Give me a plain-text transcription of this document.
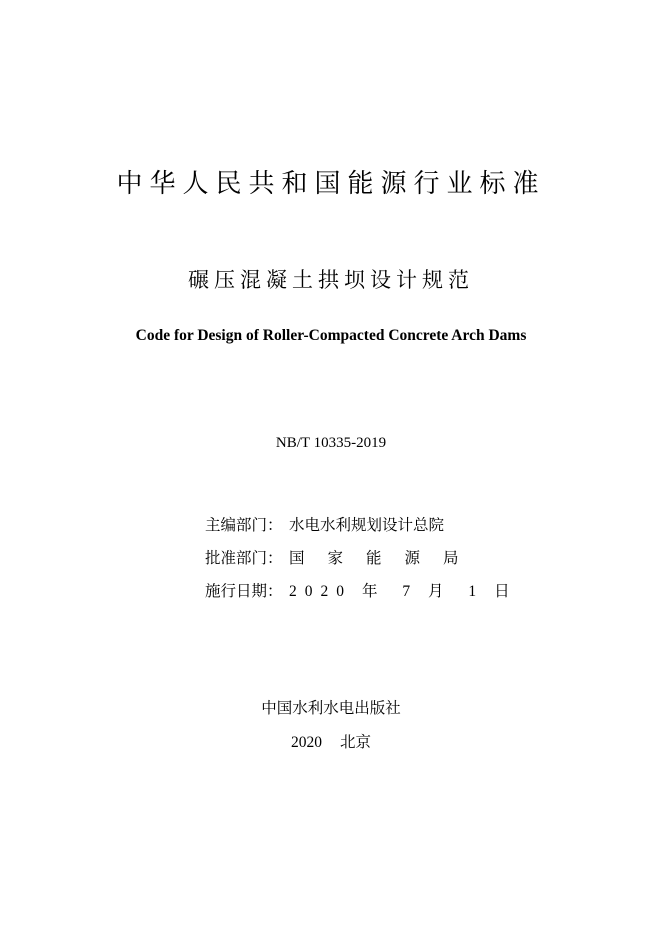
中华人民共和国能源行业标准
碾压混凝土拱坝设计规范
Code for Design of Roller-Compacted Concrete Arch Dams
NB/T 10335-2019
主编部门： 水电水利规划设计总院
批准部门： 国家能源局
施行日期： 2020 年 7 月 1 日
中国水利水电出版社
2020 北京
